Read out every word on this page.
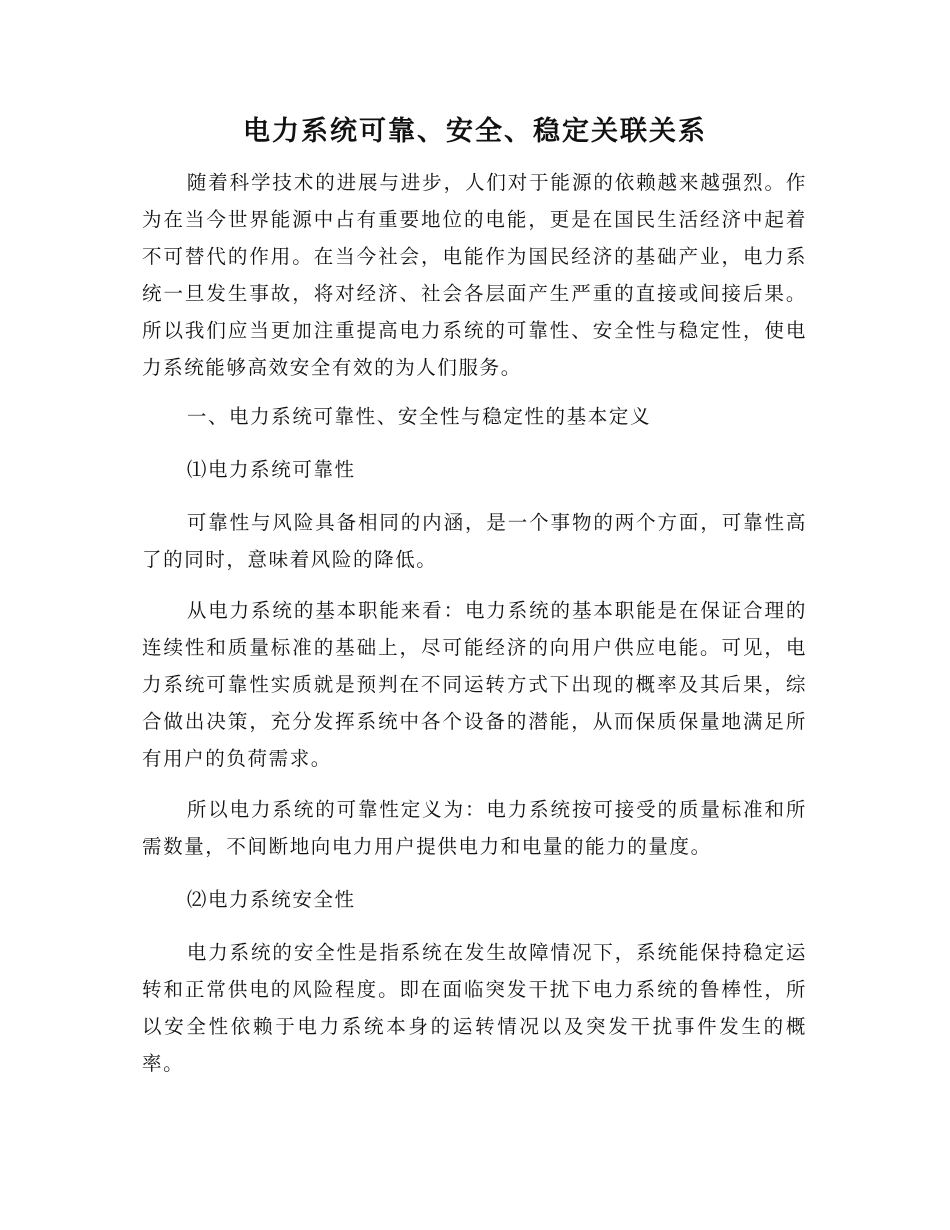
电力系统可靠、安全、稳定关联关系

随着科学技术的进展与进步，人们对于能源的依赖越来越强烈。作为在当今世界能源中占有重要地位的电能，更是在国民生活经济中起着不可替代的作用。在当今社会，电能作为国民经济的基础产业，电力系统一旦发生事故，将对经济、社会各层面产生严重的直接或间接后果。所以我们应当更加注重提高电力系统的可靠性、安全性与稳定性，使电力系统能够高效安全有效的为人们服务。

一、电力系统可靠性、安全性与稳定性的基本定义

⑴电力系统可靠性

可靠性与风险具备相同的内涵，是一个事物的两个方面，可靠性高了的同时，意味着风险的降低。

从电力系统的基本职能来看：电力系统的基本职能是在保证合理的连续性和质量标准的基础上，尽可能经济的向用户供应电能。可见，电力系统可靠性实质就是预判在不同运转方式下出现的概率及其后果，综合做出决策，充分发挥系统中各个设备的潜能，从而保质保量地满足所有用户的负荷需求。

所以电力系统的可靠性定义为：电力系统按可接受的质量标准和所需数量，不间断地向电力用户提供电力和电量的能力的量度。

⑵电力系统安全性

电力系统的安全性是指系统在发生故障情况下，系统能保持稳定运转和正常供电的风险程度。即在面临突发干扰下电力系统的鲁棒性，所以安全性依赖于电力系统本身的运转情况以及突发干扰事件发生的概率。
